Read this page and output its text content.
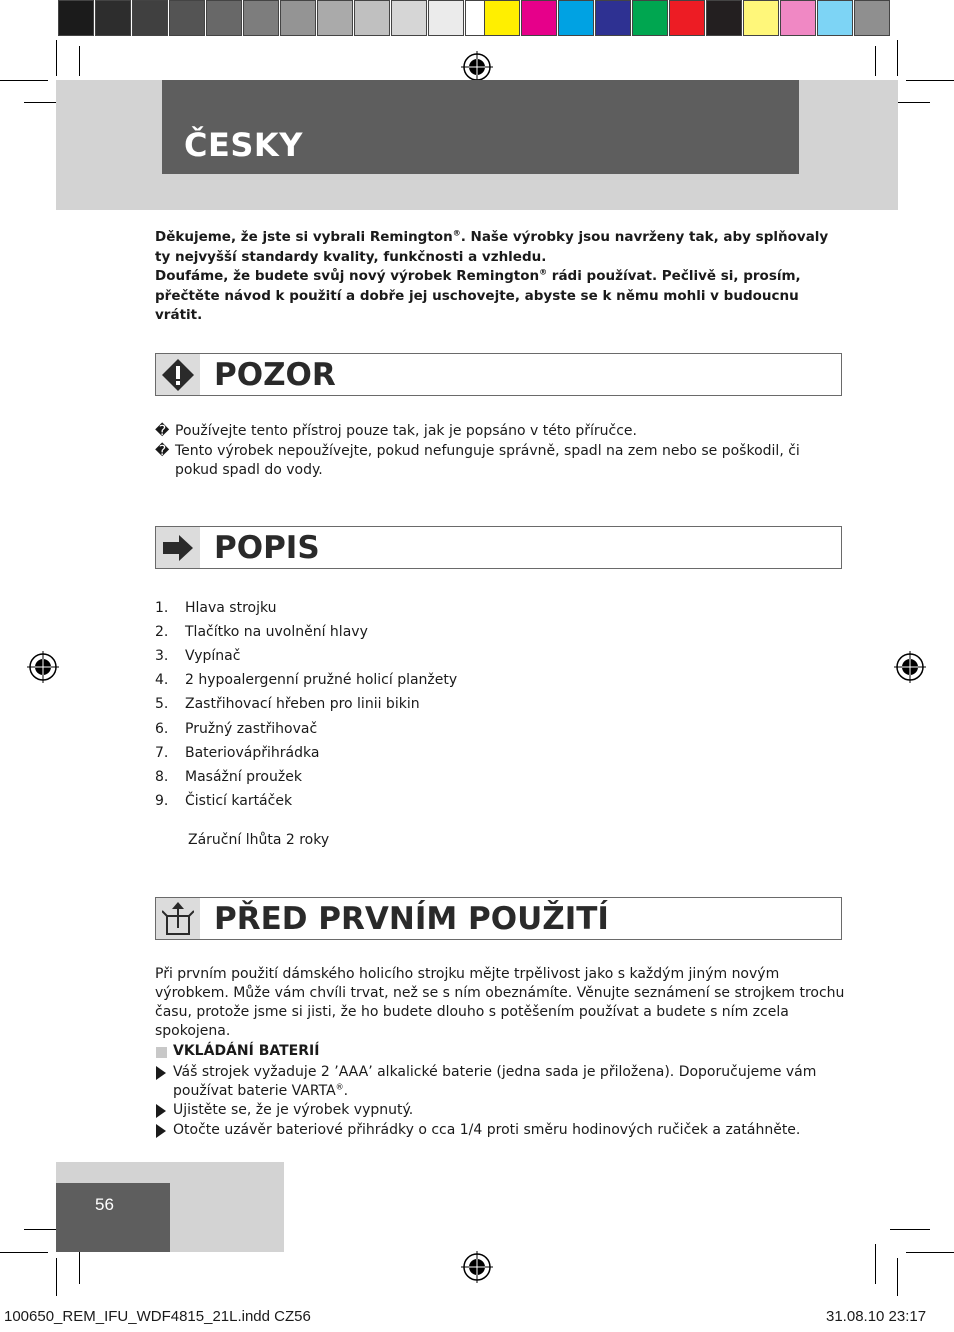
ČESKY
Děkujeme, že jste si vybrali Remington®. Naše výrobky jsou navrženy tak, aby splňovaly ty nejvyšší standardy kvality, funkčnosti a vzhledu.
Doufáme, že budete svůj nový výrobek Remington® rádi používat. Pečlivě si, prosím, přečtěte návod k použití a dobře jej uschovejte, abyste se k němu mohli v budoucnu vrátit.
POZOR
� Používejte tento přístroj pouze tak, jak je popsáno v této příručce.
� Tento výrobek nepoužívejte, pokud nefunguje správně, spadl na zem nebo se poškodil, či pokud spadl do vody.
POPIS
1.	Hlava strojku
2.	Tlačítko na uvolnění hlavy
3.	Vypínač
4.	2 hypoalergenní pružné holicí planžety
5.	Zastřihovací hřeben pro linii bikin
6.	Pružný zastřihovač
7.	Bateriovápřihrádka
8.	Masážní proužek
9.	Čisticí kartáček
Záruční lhůta 2 roky
PŘED PRVNÍM POUŽITÍ
Při prvním použití dámského holicího strojku mějte trpělivost jako s každým jiným novým výrobkem. Může vám chvíli trvat, než se s ním obeznámíte. Věnujte seznámení se strojkem trochu času, protože jsme si jisti, že ho budete dlouho s potěšením používat a budete s ním zcela spokojena.
VKLÁDÁNÍ BATERIÍ
Váš strojek vyžaduje 2 ’AAA’ alkalické baterie (jedna sada je přiložena). Doporučujeme vám používat baterie VARTA®.
Ujistěte se, že je výrobek vypnutý.
Otočte uzávěr bateriové přihrádky o cca 1/4 proti směru hodinových ručiček a zatáhněte.
56
100650_REM_IFU_WDF4815_21L.indd CZ56	31.08.10 23:17
